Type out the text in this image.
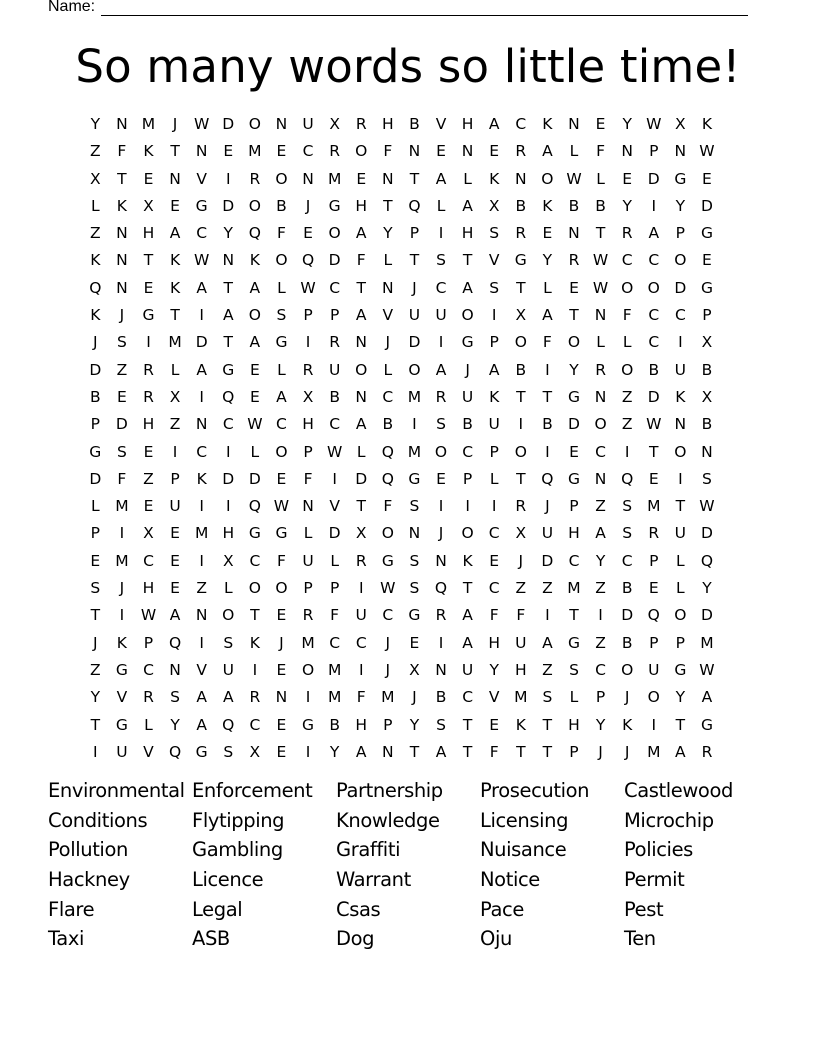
Name:
So many words so little time!
Y	N M	J	W D O N U	X	R H B	V H A	C	K	N	E	Y W X	K
Z	F	K	T	N	E M E	C	R O	F	N	E	N	E	R	A	L	F	N	P	N W
X	T	E	N V	I	R O N M E	N	T	A	L	K	N O W L	E	D G	E
L	K	X	E	G D O B	J	G H	T	Q	L	A	X	B	K	B	B	Y	I	Y	D
Z N H A	C	Y	Q	F	E	O A	Y	P	I	H	S	R	E	N	T	R	A	P	G
K	N	T	K W N	K O Q D	F	L	T	S	T	V G	Y	R W C	C O	E
Q N	E	K	A	T	A	L W C	T	N	J	C	A	S	T	L	E W O O D G
K	J	G	T	I	A O	S	P	P	A	V	U U O	I	X	A	T	N	F	C	C	P
J	S	I	M D	T	A G	I	R N	J	D	I	G	P	O	F	O	L	L	C	I	X
D Z	R	L	A G	E	L	R	U O	L	O A	J	A	B	I	Y	R O B	U	B
B	E	R	X	I	Q	E	A	X	B N C M R	U	K	T	T	G N Z D	K	X
P	D H Z N C W C H C	A	B	I	S	B	U	I	B D O Z W N B
G	S	E	I	C	I	L	O	P W L	Q M O C	P	O	I	E	C	I	T	O N
D	F	Z	P	K	D D	E	F	I	D Q G	E	P	L	T	Q G N Q	E	I	S
L	M E	U	I	I	Q W N V	T	F	S	I	I	I	R	J	P	Z	S M T W
P	I	X	E M H G G	L	D X O N	J	O C	X	U H A	S	R	U D
E M C	E	I	X	C	F	U	L	R G	S	N	K	E	J	D C	Y	C	P	L	Q
S	J	H	E	Z	L	O O	P	P	I	W S	Q	T	C	Z	Z M Z	B	E	L	Y
T	I	W A N O	T	E	R	F	U	C G R	A	F	F	I	T	I	D Q O D
J	K	P	Q	I	S	K	J	M C	C	J	E	I	A H U	A G Z	B	P	P M
Z G C N V	U	I	E	O M	I	J	X N U	Y	H Z	S	C O U G W
Y	V	R	S	A	A	R N	I	M F M	J	B	C	V M S	L	P	J	O	Y	A
T	G	L	Y	A Q C	E	G B H	P	Y	S	T	E	K	T	H	Y	K	I	T	G
I	U	V Q G	S	X	E	I	Y	A N	T	A	T	F	T	T	P	J	J	M A	R
Environmental Enforcement	Partnership	Prosecution	Castlewood
Conditions	Flytipping	Knowledge	Licensing	Microchip
Pollution	Gambling	Graffiti	Nuisance	Policies
Hackney	Licence	Warrant	Notice	Permit
Flare	Legal	Csas	Pace	Pest
Taxi	ASB	Dog	Oju	Ten
